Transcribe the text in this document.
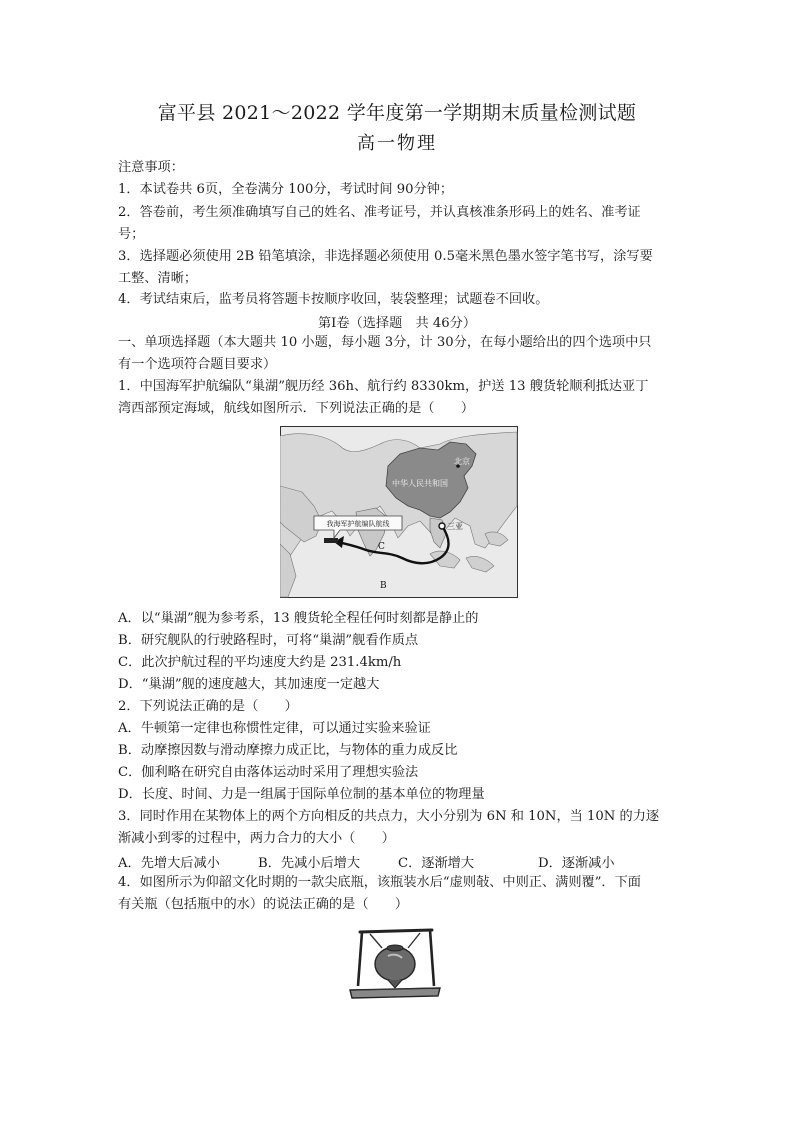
富平县 2021～2022 学年度第一学期期末质量检测试题
高一物理
注意事项：
1．本试卷共 6页，全卷满分 100分，考试时间 90分钟；
2．答卷前，考生须准确填写自己的姓名、准考证号，并认真核准条形码上的姓名、准考证
号；
3．选择题必须使用 2B 铅笔填涂，非选择题必须使用 0.5毫米黑色墨水签字笔书写，涂写要
工整、清晰；
4．考试结束后，监考员将答题卡按顺序收回，装袋整理；试题卷不回收。
第Ⅰ卷（选择题　共 46分）
一、单项选择题（本大题共 10 小题，每小题 3分，计 30分，在每小题给出的四个选项中只
有一个选项符合题目要求）
1．中国海军护航编队“巢湖”舰历经 36h、航行约 8330km，护送 13 艘货轮顺利抵达亚丁
湾西部预定海域，航线如图所示．下列说法正确的是（　　）
我海军护航编队航线
北京
中华人民共和国
三亚
C
B
A．以“巢湖”舰为参考系，13 艘货轮全程任何时刻都是静止的
B．研究舰队的行驶路程时，可将“巢湖”舰看作质点
C．此次护航过程的平均速度大约是 231.4km/h
D．“巢湖”舰的速度越大，其加速度一定越大
2．下列说法正确的是（　　）
A．牛顿第一定律也称惯性定律，可以通过实验来验证
B．动摩擦因数与滑动摩擦力成正比，与物体的重力成反比
C．伽利略在研究自由落体运动时采用了理想实验法
D．长度、时间、力是一组属于国际单位制的基本单位的物理量
3．同时作用在某物体上的两个方向相反的共点力，大小分别为 6N 和 10N，当 10N 的力逐
渐减小到零的过程中，两力合力的大小（　　）
A．先增大后减小	B．先减小后增大	C．逐渐增大	D．逐渐减小
4．如图所示为仰韶文化时期的一款尖底瓶，该瓶装水后“虚则敧、中则正、满则覆”．下面
有关瓶（包括瓶中的水）的说法正确的是（　　）
